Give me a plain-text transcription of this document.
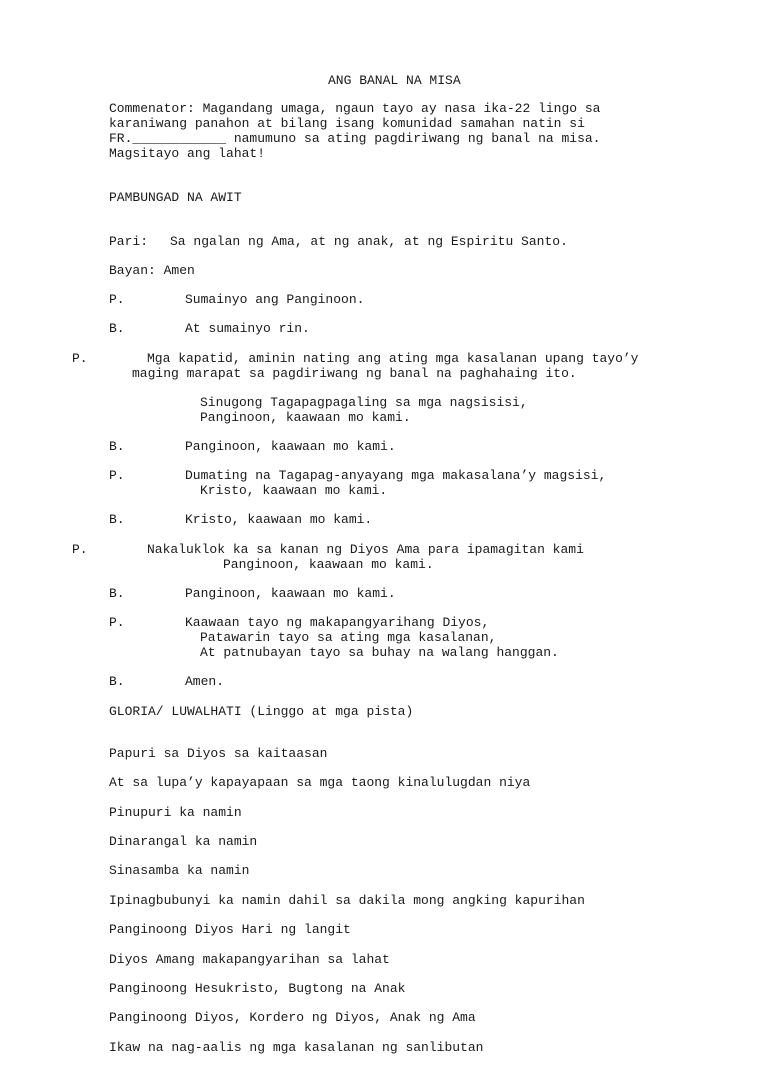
ANG BANAL NA MISA
Commenator: Magandang umaga, ngaun tayo ay nasa ika-22 lingo sa
karaniwang panahon at bilang isang komunidad samahan natin si
FR.____________ namumuno sa ating pagdiriwang ng banal na misa.
Magsitayo ang lahat!
PAMBUNGAD NA AWIT
Pari: Sa ngalan ng Ama, at ng anak, at ng Espiritu Santo.
Bayan: Amen
P.	Sumainyo ang Panginoon.
B.	At sumainyo rin.
P.	Mga kapatid, aminin nating ang ating mga kasalanan upang tayo’y
maging marapat sa pagdiriwang ng banal na paghahaing ito.
Sinugong Tagapagpagaling sa mga nagsisisi,
Panginoon, kaawaan mo kami.
B.	Panginoon, kaawaan mo kami.
P.	Dumating na Tagapag-anyayang mga makasalana’y magsisi,
Kristo, kaawaan mo kami.
B.	Kristo, kaawaan mo kami.
P.	Nakaluklok ka sa kanan ng Diyos Ama para ipamagitan kami
Panginoon, kaawaan mo kami.
B.	Panginoon, kaawaan mo kami.
P.	Kaawaan tayo ng makapangyarihang Diyos,
Patawarin tayo sa ating mga kasalanan,
At patnubayan tayo sa buhay na walang hanggan.
B.	Amen.
GLORIA/ LUWALHATI (Linggo at mga pista)

Papuri sa Diyos sa kaitaasan

At sa lupa’y kapayapaan sa mga taong kinalulugdan niya

Pinupuri ka namin

Dinarangal ka namin

Sinasamba ka namin

Ipinagbubunyi ka namin dahil sa dakila mong angking kapurihan

Panginoong Diyos Hari ng langit

Diyos Amang makapangyarihan sa lahat

Panginoong Hesukristo, Bugtong na Anak

Panginoong Diyos, Kordero ng Diyos, Anak ng Ama

Ikaw na nag-aalis ng mga kasalanan ng sanlibutan
